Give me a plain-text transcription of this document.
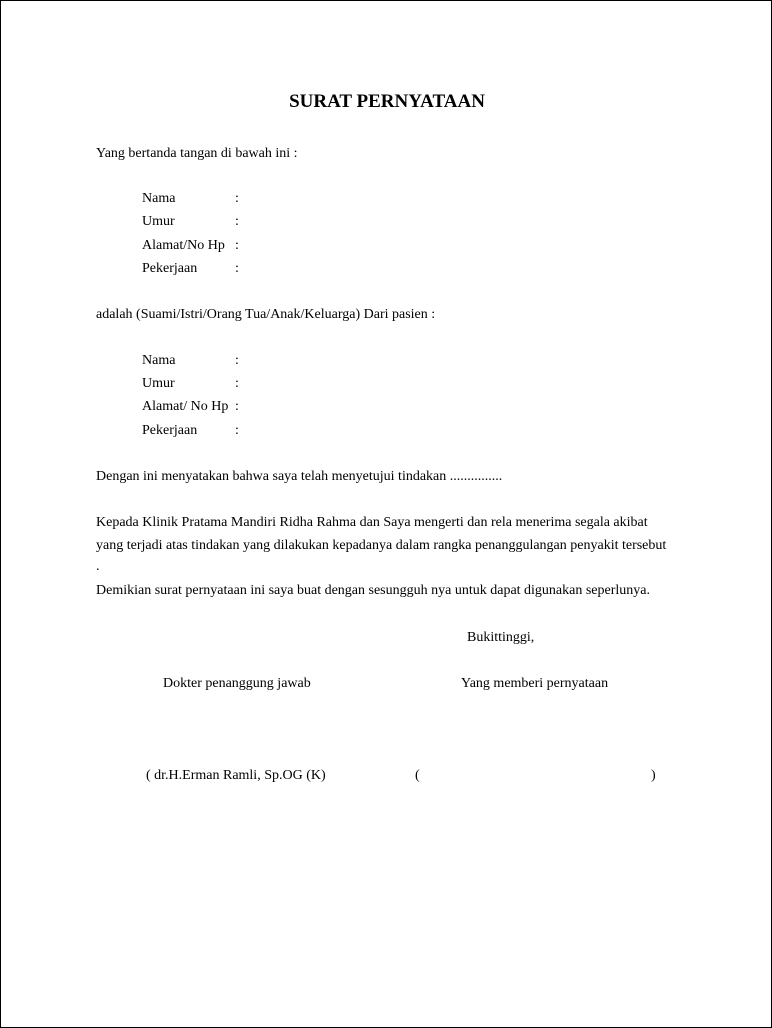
SURAT PERNYATAAN

Yang bertanda tangan di bawah ini :

Nama	:
Umur	:
Alamat/No Hp :
Pekerjaan	:

adalah (Suami/Istri/Orang Tua/Anak/Keluarga) Dari pasien :

Nama	:
Umur	:
Alamat/ No Hp :
Pekerjaan	:

Dengan ini menyatakan bahwa saya telah menyetujui tindakan ...............

Kepada Klinik Pratama Mandiri Ridha Rahma dan Saya mengerti dan rela menerima segala akibat

yang terjadi atas tindakan yang dilakukan kepadanya dalam rangka penanggulangan penyakit tersebut

.

Demikian surat pernyataan ini saya buat dengan sesungguh nya untuk dapat digunakan seperlunya.

Bukittinggi,
Dokter penanggung jawab	Yang memberi pernyataan
( dr.H.Erman Ramli, Sp.OG (K)	(	)
